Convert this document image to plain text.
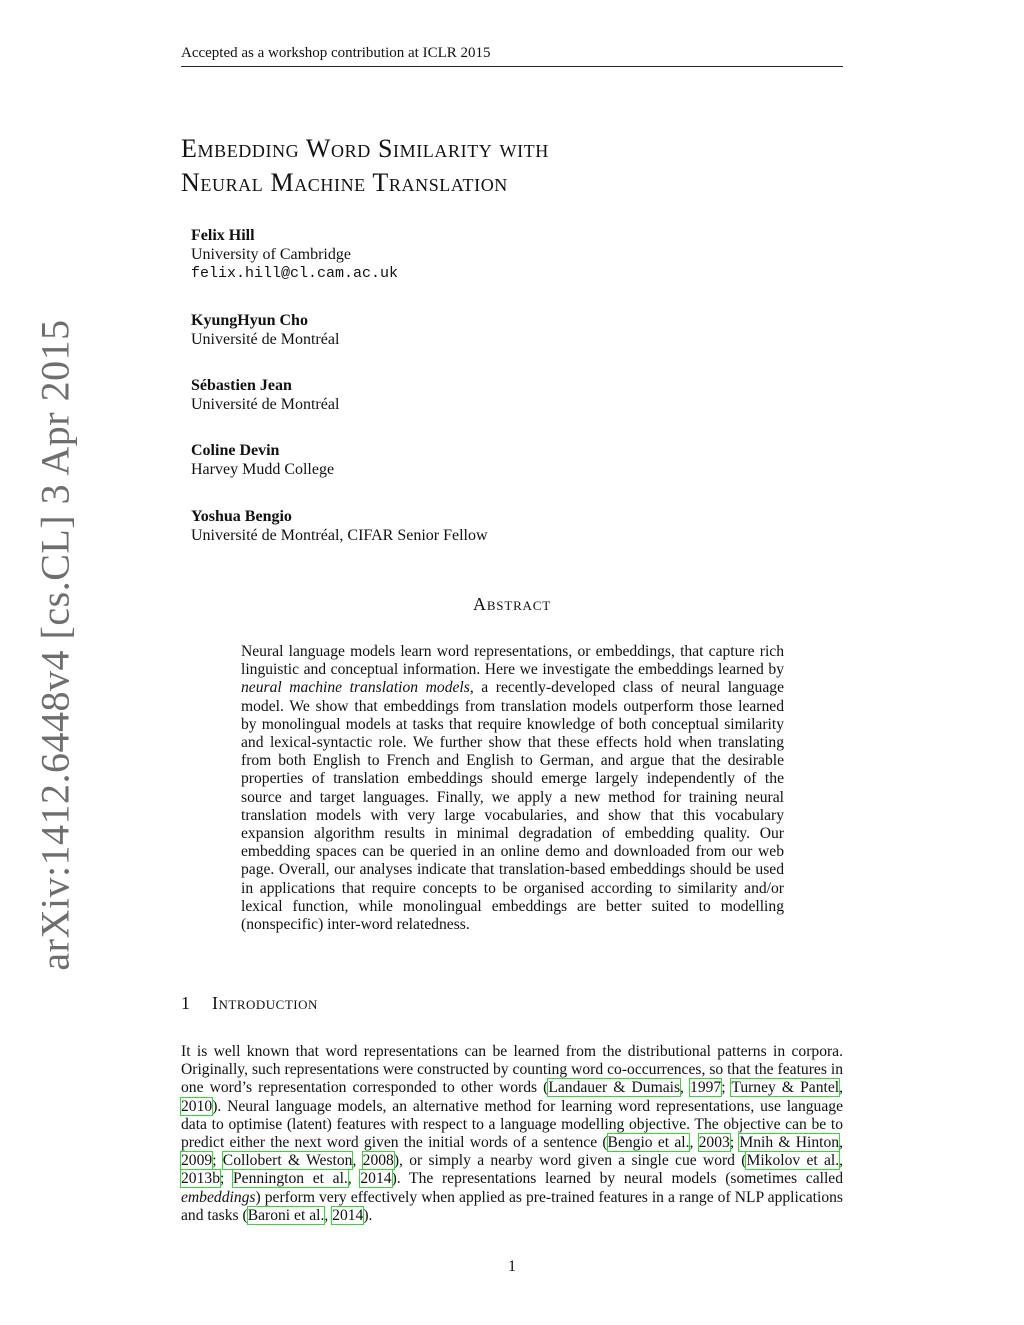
Accepted as a workshop contribution at ICLR 2015
arXiv:1412.6448v4 [cs.CL] 3 Apr 2015
Embedding Word Similarity with
Neural Machine Translation
Felix Hill
University of Cambridge
felix.hill@cl.cam.ac.uk
KyungHyun Cho
Université de Montréal
Sébastien Jean
Université de Montréal
Coline Devin
Harvey Mudd College
Yoshua Bengio
Université de Montréal, CIFAR Senior Fellow
Abstract
Neural language models learn word representations, or embeddings, that capture rich linguistic and conceptual information. Here we investigate the embeddings learned by neural machine translation models, a recently-developed class of neural language model. We show that embeddings from translation models outperform those learned by monolingual models at tasks that require knowledge of both conceptual similarity and lexical-syntactic role. We further show that these effects hold when translating from both English to French and English to German, and argue that the desirable properties of translation embeddings should emerge largely independently of the source and target languages. Finally, we apply a new method for training neural translation models with very large vocabularies, and show that this vocabulary expansion algorithm results in minimal degradation of embedding quality. Our embedding spaces can be queried in an online demo and downloaded from our web page. Overall, our analyses indicate that translation-based embeddings should be used in applications that require concepts to be organised according to similarity and/or lexical function, while monolingual embeddings are better suited to modelling (nonspecific) inter-word relatedness.
1 Introduction
It is well known that word representations can be learned from the distributional patterns in corpora. Originally, such representations were constructed by counting word co-occurrences, so that the features in one word’s representation corresponded to other words (Landauer & Dumais, 1997; Turney & Pantel, 2010). Neural language models, an alternative method for learning word representations, use language data to optimise (latent) features with respect to a language modelling objective. The objective can be to predict either the next word given the initial words of a sentence (Bengio et al., 2003; Mnih & Hinton, 2009; Collobert & Weston, 2008), or simply a nearby word given a single cue word (Mikolov et al., 2013b; Pennington et al., 2014). The representations learned by neural models (sometimes called embeddings) perform very effectively when applied as pre-trained features in a range of NLP applications and tasks (Baroni et al., 2014).
1
